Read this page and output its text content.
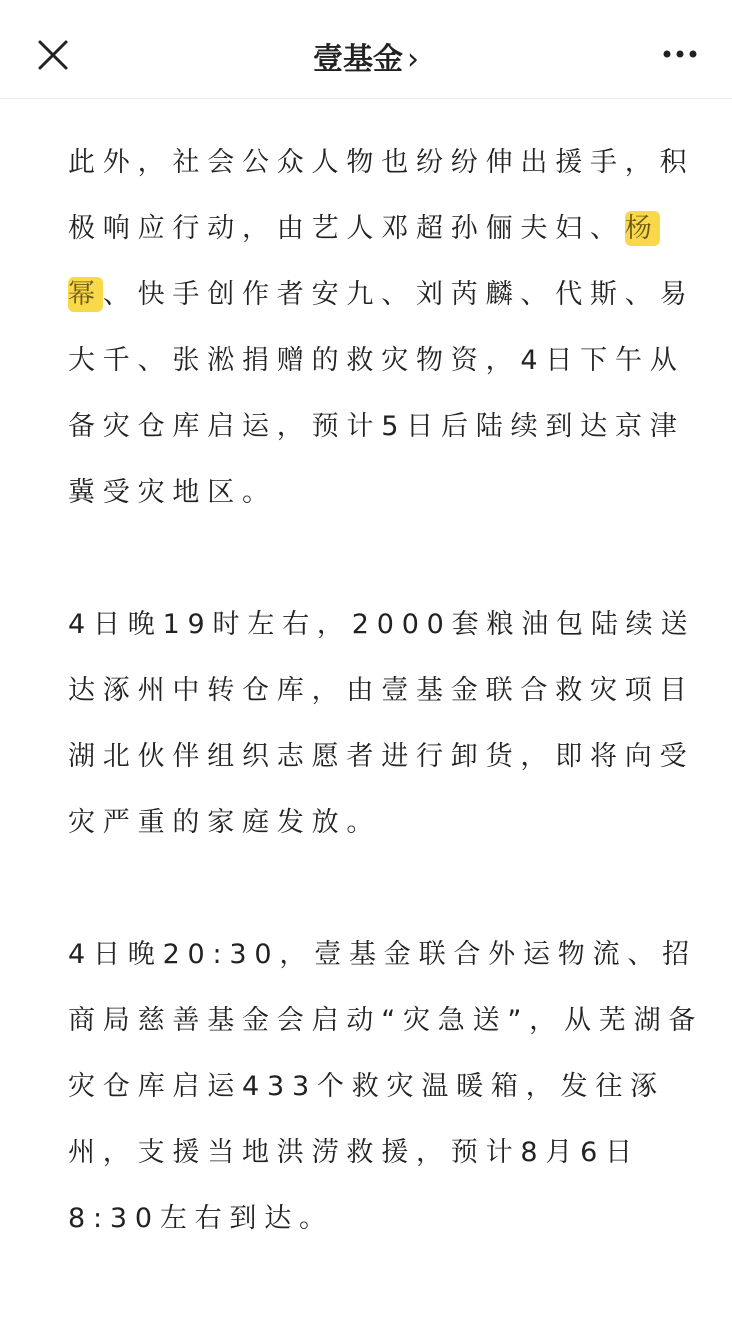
壹基金 ›
此外，社会公众人物也纷纷伸出援手，积
极响应行动，由艺人邓超孙俪夫妇、杨
幂、快手创作者安九、刘芮麟、代斯、易
大千、张淞捐赠的救灾物资，4日下午从
备灾仓库启运，预计5日后陆续到达京津
冀受灾地区。
4日晚19时左右，2000套粮油包陆续送
达涿州中转仓库，由壹基金联合救灾项目
湖北伙伴组织志愿者进行卸货，即将向受
灾严重的家庭发放。
4日晚20:30，壹基金联合外运物流、招
商局慈善基金会启动“灾急送”，从芜湖备
灾仓库启运433个救灾温暖箱，发往涿
州，支援当地洪涝救援，预计8月6日
8:30左右到达。
